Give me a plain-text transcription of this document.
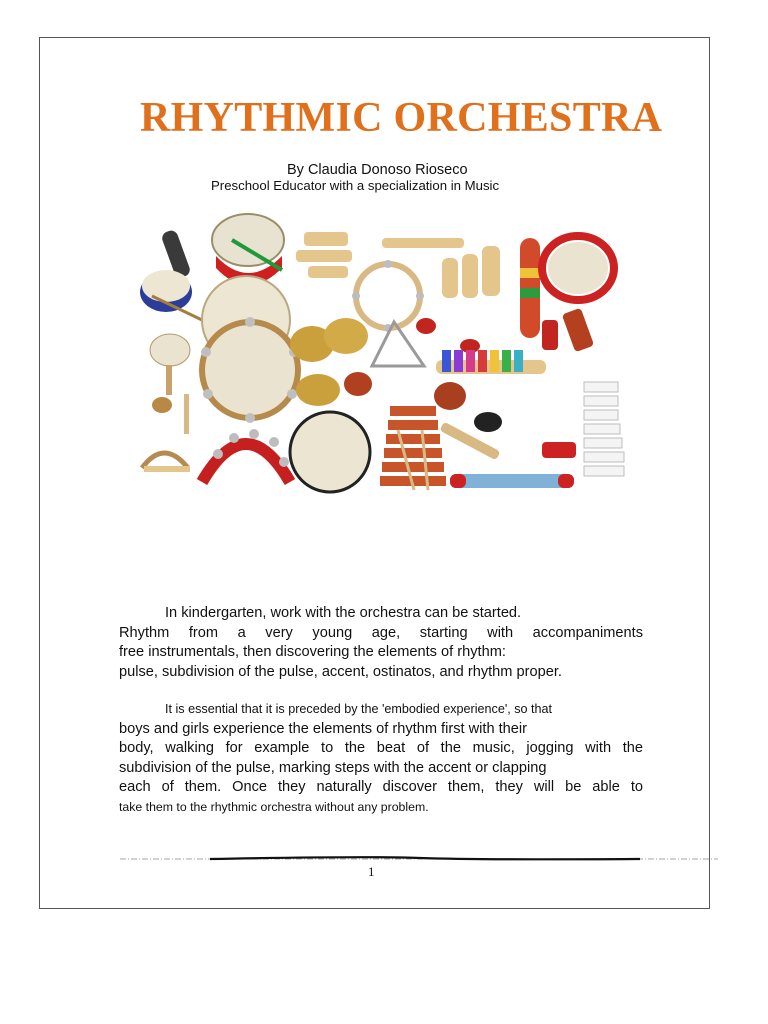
RHYTHMIC ORCHESTRA
By Claudia Donoso Rioseco
Preschool Educator with a specialization in Music
In kindergarten, work with the orchestra can be started.
Rhythm from a very young age, starting with accompaniments
free instrumentals, then discovering the elements of rhythm:
pulse, subdivision of the pulse, accent, ostinatos, and rhythm proper.
It is essential that it is preceded by the 'embodied experience', so that
boys and girls experience the elements of rhythm first with their
body, walking for example to the beat of the music, jogging with the
subdivision of the pulse, marking steps with the accent or clapping
each of them. Once they naturally discover them, they will be able to
take them to the rhythmic orchestra without any problem.
1
